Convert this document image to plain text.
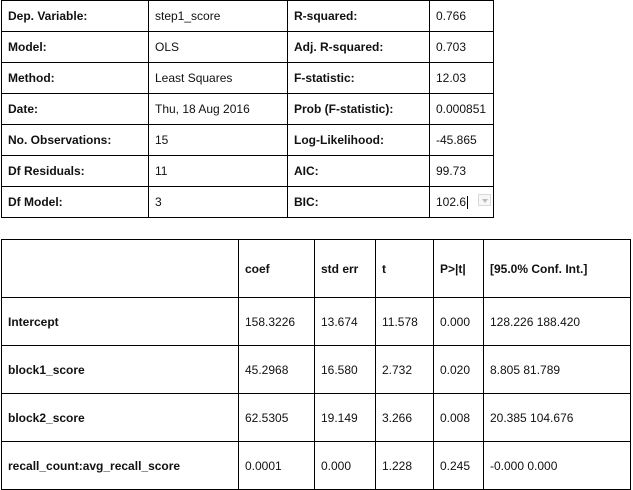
Dep. Variable:	step1_score	R-squared:	0.766
Model:	OLS	Adj. R-squared:	0.703
Method:	Least Squares	F-statistic:	12.03
Date:	Thu, 18 Aug 2016	Prob (F-statistic):	0.000851
No. Observations:	15	Log-Likelihood:	-45.865
Df Residuals:	11	AIC:	99.73
Df Model:	3	BIC:	102.6
	coef	std err	t	P>|t|	[95.0% Conf. Int.]
Intercept	158.3226	13.674	11.578	0.000	128.226 188.420
block1_score	45.2968	16.580	2.732	0.020	8.805 81.789
block2_score	62.5305	19.149	3.266	0.008	20.385 104.676
recall_count:avg_recall_score	0.0001	0.000	1.228	0.245	-0.000 0.000
